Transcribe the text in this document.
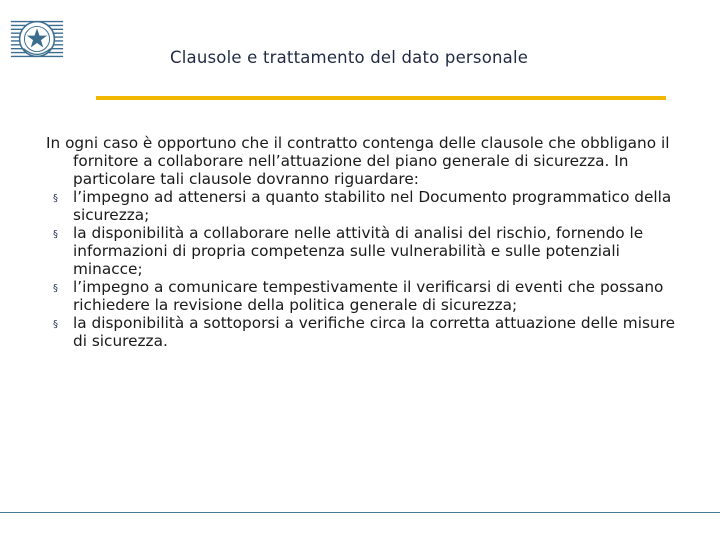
Clausole e trattamento del dato personale

In ogni caso è opportuno che il contratto contenga delle clausole che obbligano il fornitore a collaborare nell’attuazione del piano generale di sicurezza. In particolare tali clausole dovranno riguardare:

§ l’impegno ad attenersi a quanto stabilito nel Documento programmatico della sicurezza;
§ la disponibilità a collaborare nelle attività di analisi del rischio, fornendo le informazioni di propria competenza sulle vulnerabilità e sulle potenziali minacce;
§ l’impegno a comunicare tempestivamente il verificarsi di eventi che possano richiedere la revisione della politica generale di sicurezza;
§ la disponibilità a sottoporsi a verifiche circa la corretta attuazione delle misure di sicurezza.
